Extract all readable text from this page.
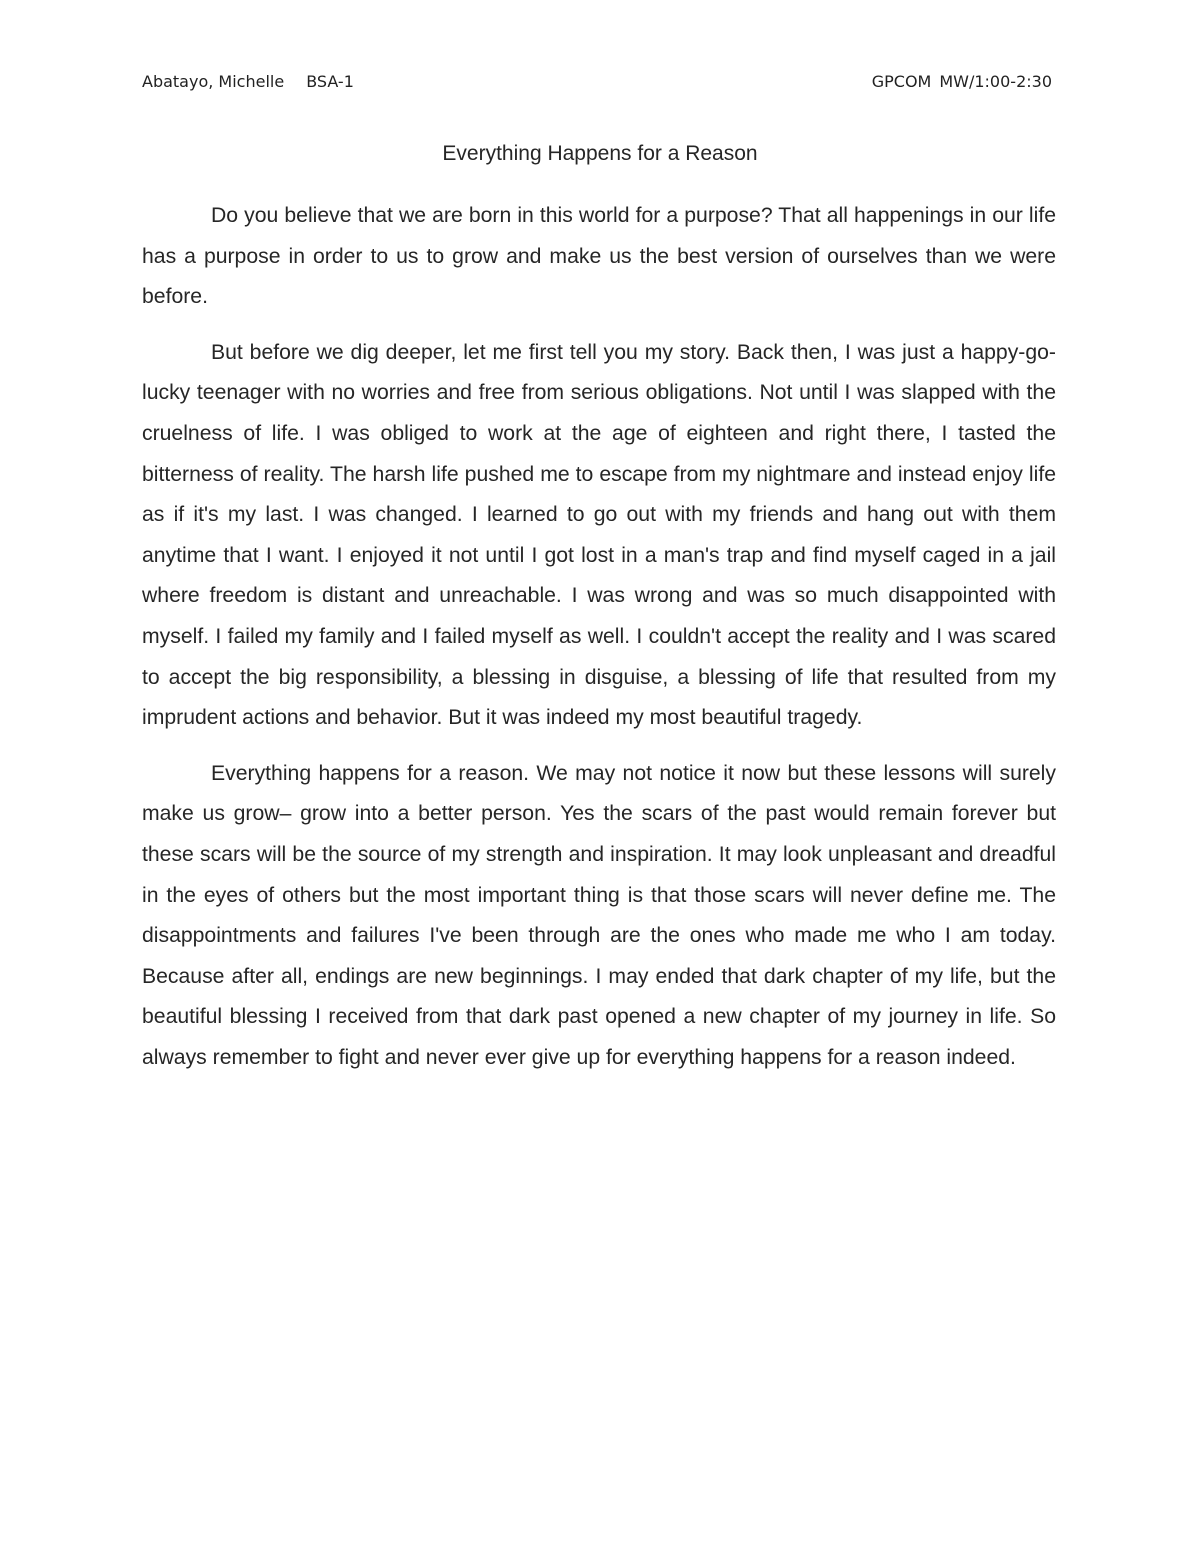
Abatayo, Michelle BSA-1	GPCOM MW/1:00-2:30
Everything Happens for a Reason

Do you believe that we are born in this world for a purpose? That all happenings in our life has a purpose in order to us to grow and make us the best version of ourselves than we were before.

But before we dig deeper, let me first tell you my story. Back then, I was just a happy-go-lucky teenager with no worries and free from serious obligations. Not until I was slapped with the cruelness of life. I was obliged to work at the age of eighteen and right there, I tasted the bitterness of reality. The harsh life pushed me to escape from my nightmare and instead enjoy life as if it's my last. I was changed. I learned to go out with my friends and hang out with them anytime that I want. I enjoyed it not until I got lost in a man's trap and find myself caged in a jail where freedom is distant and unreachable. I was wrong and was so much disappointed with myself. I failed my family and I failed myself as well. I couldn't accept the reality and I was scared to accept the big responsibility, a blessing in disguise, a blessing of life that resulted from my imprudent actions and behavior. But it was indeed my most beautiful tragedy.

Everything happens for a reason. We may not notice it now but these lessons will surely make us grow– grow into a better person. Yes the scars of the past would remain forever but these scars will be the source of my strength and inspiration. It may look unpleasant and dreadful in the eyes of others but the most important thing is that those scars will never define me. The disappointments and failures I've been through are the ones who made me who I am today. Because after all, endings are new beginnings. I may ended that dark chapter of my life, but the beautiful blessing I received from that dark past opened a new chapter of my journey in life. So always remember to fight and never ever give up for everything happens for a reason indeed.
